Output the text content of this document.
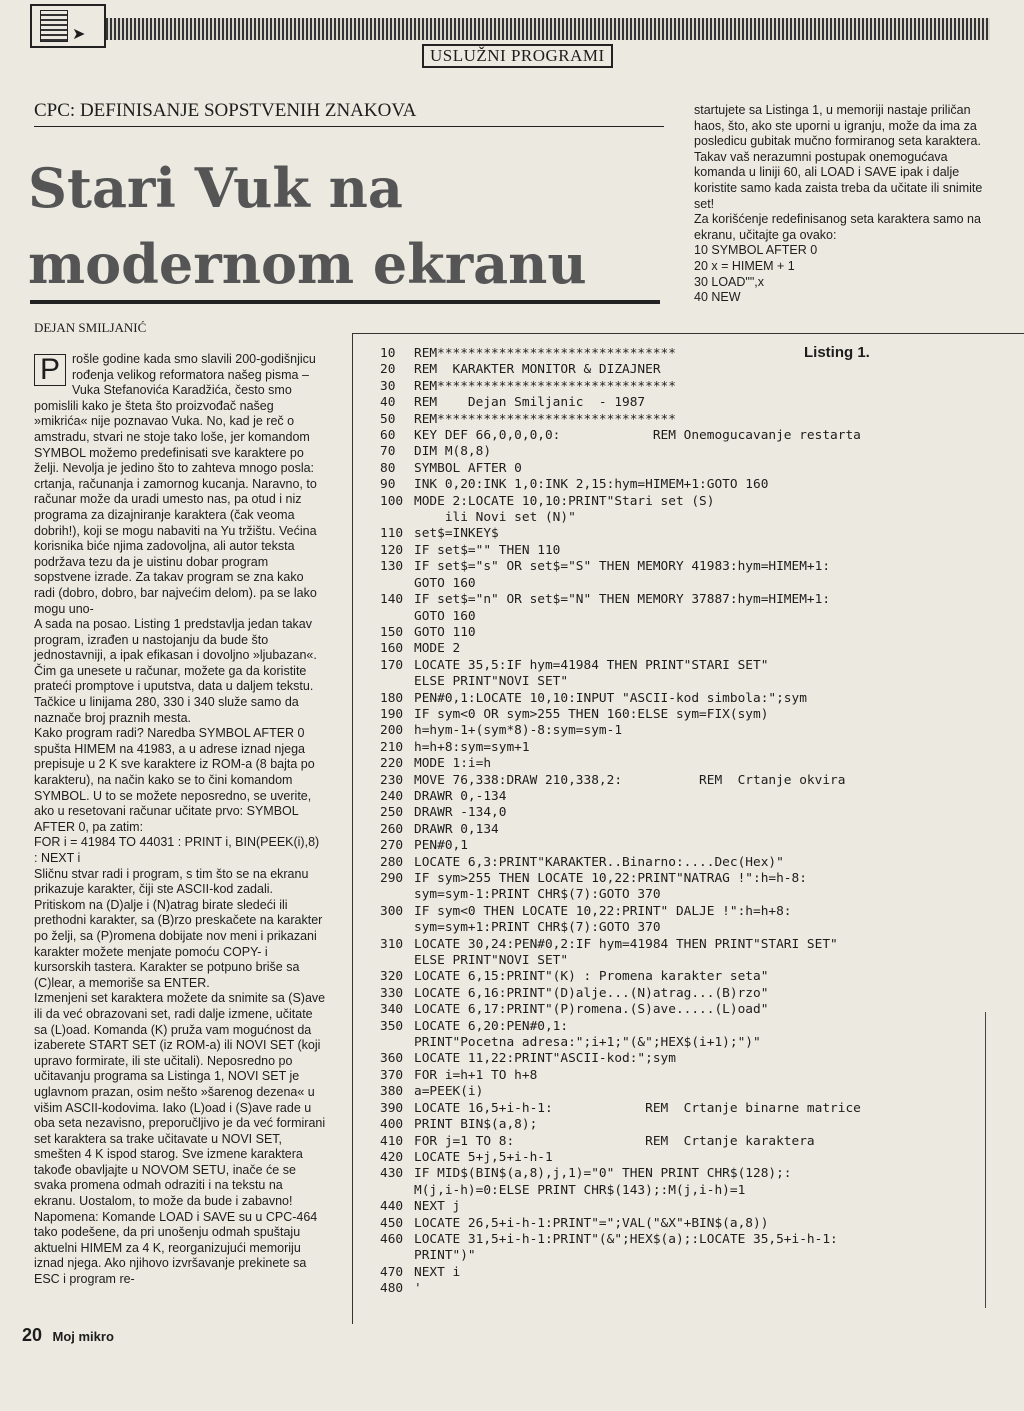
➤
USLUŽNI PROGRAMI
CPC: DEFINISANJE SOPSTVENIH ZNAKOVA
Stari Vuk na
modernom ekranu
DEJAN SMILJANIĆ

startujete sa Listinga 1, u memoriji nastaje priličan haos, što, ako ste uporni u igranju, može da ima za posledicu gubitak mučno formiranog seta karaktera. Takav vaš nerazumni postupak onemogućava komanda u liniji 60, ali LOAD i SAVE ipak i dalje koristite samo kada zaista treba da učitate ili snimite set!

Za korišćenje redefinisanog seta karaktera samo na ekranu, učitajte ga ovako:

10 SYMBOL AFTER 0

20 x = HIMEM + 1

30 LOAD"",x

40 NEW

P rošle godine kada smo slavili 200-godišnjicu rođenja velikog reformatora našeg pisma – Vuka Stefanovića Karadžića, često smo pomislili kako je šteta što proizvođač našeg »mikrića« nije poznavao Vuka. No, kad je reč o amstradu, stvari ne stoje tako loše, jer komandom SYMBOL možemo predefinisati sve karaktere po želji. Nevolja je jedino što to zahteva mnogo posla: crtanja, računanja i zamornog kucanja. Naravno, to računar može da uradi umesto nas, pa otud i niz programa za dizajniranje karaktera (čak veoma dobrih!), koji se mogu nabaviti na Yu tržištu. Većina korisnika biće njima zadovoljna, ali autor teksta podržava tezu da je uistinu dobar program sopstvene izrade. Za takav program se zna kako radi (dobro, dobro, bar najvećim delom). pa se lako mogu uno-

A sada na posao. Listing 1 predstavlja jedan takav program, izrađen u nastojanju da bude što jednostavniji, a ipak efikasan i dovoljno »ljubazan«. Čim ga unesete u računar, možete ga da koristite prateći promptove i uputstva, data u daljem tekstu. Tačkice u linijama 280, 330 i 340 služe samo da naznače broj praznih mesta.

Kako program radi? Naredba SYMBOL AFTER 0 spušta HIMEM na 41983, a u adrese iznad njega prepisuje u 2 K sve karaktere iz ROM-a (8 bajta po karakteru), na način kako se to čini komandom SYMBOL. U to se možete neposredno, se uverite, ako u resetovani računar učitate prvo: SYMBOL AFTER 0, pa zatim:

FOR i = 41984 TO 44031 : PRINT i, BIN(PEEK(i),8) : NEXT i

Sličnu stvar radi i program, s tim što se na ekranu prikazuje karakter, čiji ste ASCII-kod zadali. Pritiskom na (D)alje i (N)atrag birate sledeći ili prethodni karakter, sa (B)rzo preskačete na karakter po želji, sa (P)romena dobijate nov meni i prikazani karakter možete menjate pomoću COPY- i kursorskih tastera. Karakter se potpuno briše sa (C)lear, a memoriše sa ENTER.

Izmenjeni set karaktera možete da snimite sa (S)ave ili da već obrazovani set, radi dalje izmene, učitate sa (L)oad. Komanda (K) pruža vam mogućnost da izaberete START SET (iz ROM-a) ili NOVI SET (koji upravo formirate, ili ste učitali). Neposredno po učitavanju programa sa Listinga 1, NOVI SET je uglavnom prazan, osim nešto »šarenog dezena« u višim ASCII-kodovima. Iako (L)oad i (S)ave rade u oba seta nezavisno, preporučljivo je da već formirani set karaktera sa trake učitavate u NOVI SET, smešten 4 K ispod starog. Sve izmene karaktera takođe obavljajte u NOVOM SETU, inače će se svaka promena odmah odraziti i na tekstu na ekranu. Uostalom, to može da bude i zabavno!

Napomena: Komande LOAD i SAVE su u CPC-464 tako podešene, da pri unošenju odmah spuštaju aktuelni HIMEM za 4 K, reorganizujući memoriju iznad njega. Ako njihovo izvršavanje prekinete sa ESC i program re-

Listing 1.
10	REM*******************************
20	REM  KARAKTER MONITOR & DIZAJNER
30	REM*******************************
40	REM    Dejan Smiljanic  - 1987
50	REM*******************************
60	KEY DEF 66,0,0,0,0:            REM Onemogucavanje restarta
70	DIM M(8,8)
80	SYMBOL AFTER 0
90	INK 0,20:INK 1,0:INK 2,15:hym=HIMEM+1:GOTO 160
100 MODE 2:LOCATE 10,10:PRINT"Stari set (S)
ili Novi set (N)"
110 set$=INKEY$
120 IF set$="" THEN 110
130 IF set$="s" OR set$="S" THEN MEMORY 41983:hym=HIMEM+1:
GOTO 160
140 IF set$="n" OR set$="N" THEN MEMORY 37887:hym=HIMEM+1:
GOTO 160
150 GOTO 110
160 MODE 2
170 LOCATE 35,5:IF hym=41984 THEN PRINT"STARI SET"
ELSE PRINT"NOVI SET"
180 PEN#0,1:LOCATE 10,10:INPUT "ASCII-kod simbola:";sym
190 IF sym<0 OR sym>255 THEN 160:ELSE sym=FIX(sym)
200 h=hym-1+(sym*8)-8:sym=sym-1
210 h=h+8:sym=sym+1
220 MODE 1:i=h
230 MOVE 76,338:DRAW 210,338,2:          REM  Crtanje okvira
240 DRAWR 0,-134
250 DRAWR -134,0
260 DRAWR 0,134
270 PEN#0,1
280 LOCATE 6,3:PRINT"KARAKTER..Binarno:....Dec(Hex)"
290 IF sym>255 THEN LOCATE 10,22:PRINT"NATRAG !":h=h-8:
sym=sym-1:PRINT CHR$(7):GOTO 370
300 IF sym<0 THEN LOCATE 10,22:PRINT" DALJE !":h=h+8:
sym=sym+1:PRINT CHR$(7):GOTO 370
310 LOCATE 30,24:PEN#0,2:IF hym=41984 THEN PRINT"STARI SET"
ELSE PRINT"NOVI SET"
320 LOCATE 6,15:PRINT"(K) : Promena karakter seta"
330 LOCATE 6,16:PRINT"(D)alje...(N)atrag...(B)rzo"
340 LOCATE 6,17:PRINT"(P)romena.(S)ave.....(L)oad"
350 LOCATE 6,20:PEN#0,1:
PRINT"Pocetna adresa:";i+1;"(&";HEX$(i+1);")"
360 LOCATE 11,22:PRINT"ASCII-kod:";sym
370 FOR i=h+1 TO h+8
380 a=PEEK(i)
390 LOCATE 16,5+i-h-1:            REM  Crtanje binarne matrice
400 PRINT BIN$(a,8);
410 FOR j=1 TO 8:                 REM  Crtanje karaktera
420 LOCATE 5+j,5+i-h-1
430 IF MID$(BIN$(a,8),j,1)="0" THEN PRINT CHR$(128);:
M(j,i-h)=0:ELSE PRINT CHR$(143);:M(j,i-h)=1
440 NEXT j
450 LOCATE 26,5+i-h-1:PRINT"=";VAL("&X"+BIN$(a,8))
460 LOCATE 31,5+i-h-1:PRINT"(&";HEX$(a);:LOCATE 35,5+i-h-1:
PRINT")"
470 NEXT i
480 '
20 Moj mikro
